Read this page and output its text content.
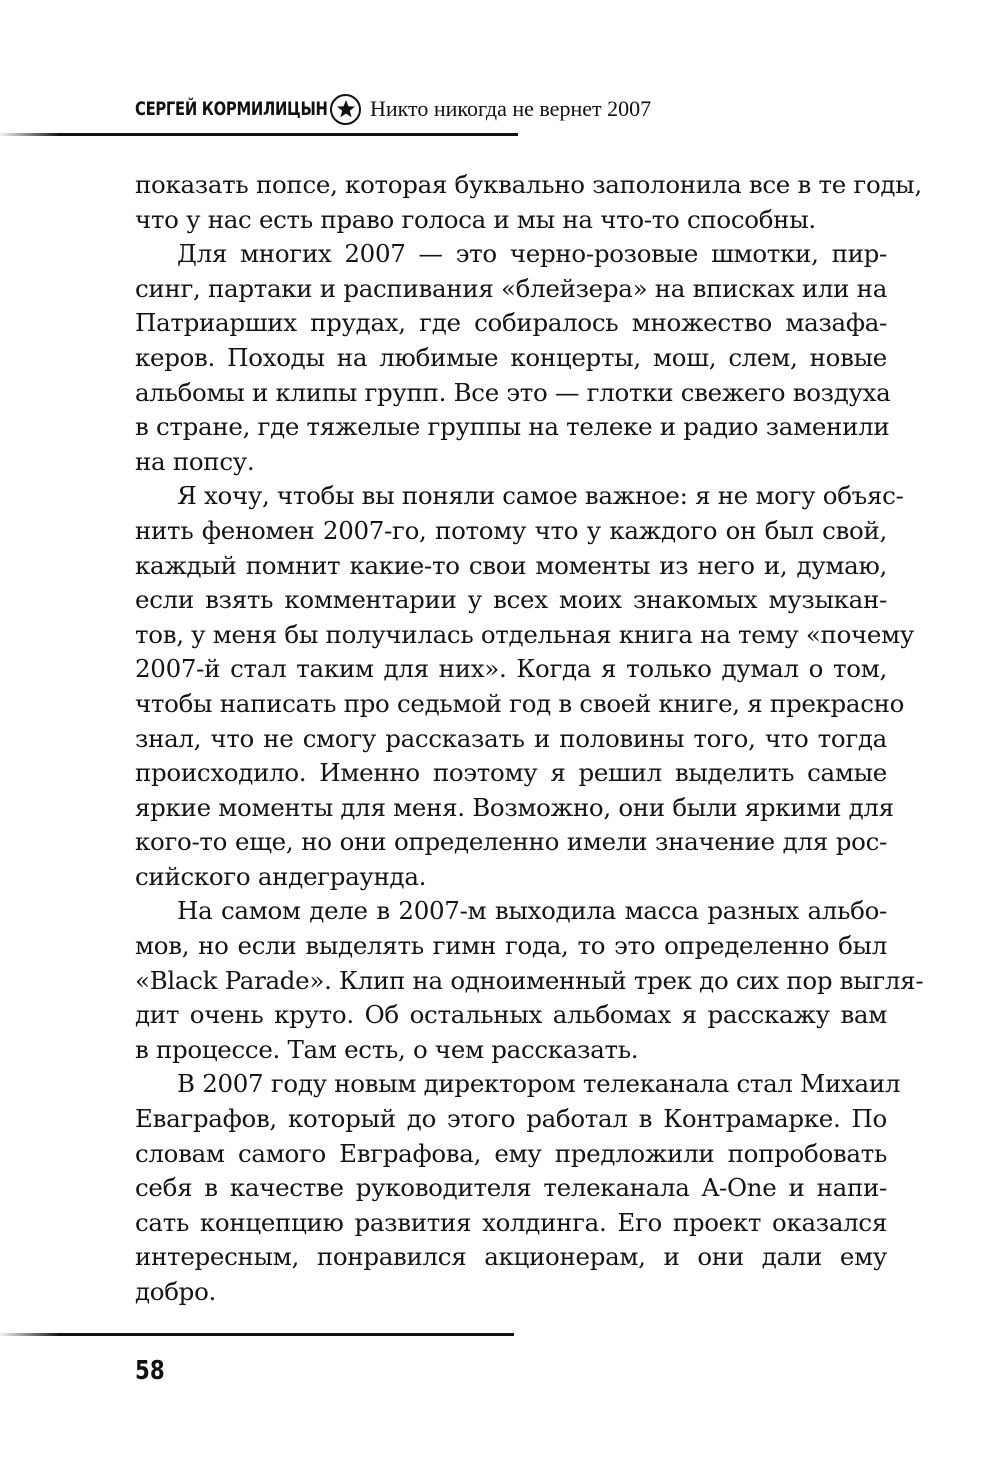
СЕРГЕЙ КОРМИЛИЦЫН Никто никогда не вернет 2007
показать попсе, которая буквально заполонила все в те годы,
что у нас есть право голоса и мы на что-то способны.
Для многих 2007 — это черно-розовые шмотки, пир-
синг, партаки и распивания «блейзера» на вписках или на
Патриарших прудах, где собиралось множество мазафа-
керов. Походы на любимые концерты, мош, слем, новые
альбомы и клипы групп. Все это — глотки свежего воздуха
в стране, где тяжелые группы на телеке и радио заменили
на попсу.
Я хочу, чтобы вы поняли самое важное: я не могу объяс-
нить феномен 2007-го, потому что у каждого он был свой,
каждый помнит какие-то свои моменты из него и, думаю,
если взять комментарии у всех моих знакомых музыкан-
тов, у меня бы получилась отдельная книга на тему «почему
2007-й стал таким для них». Когда я только думал о том,
чтобы написать про седьмой год в своей книге, я прекрасно
знал, что не смогу рассказать и половины того, что тогда
происходило. Именно поэтому я решил выделить самые
яркие моменты для меня. Возможно, они были яркими для
кого-то еще, но они определенно имели значение для рос-
сийского андеграунда.
На самом деле в 2007-м выходила масса разных альбо-
мов, но если выделять гимн года, то это определенно был
«Black Parade». Клип на одноименный трек до сих пор выгля-
дит очень круто. Об остальных альбомах я расскажу вам
в процессе. Там есть, о чем рассказать.
В 2007 году новым директором телеканала стал Михаил
Еваграфов, который до этого работал в Контрамарке. По
словам самого Евграфова, ему предложили попробовать
себя в качестве руководителя телеканала A-One и напи-
сать концепцию развития холдинга. Его проект оказался
интересным, понравился акционерам, и они дали ему
добро.
58
